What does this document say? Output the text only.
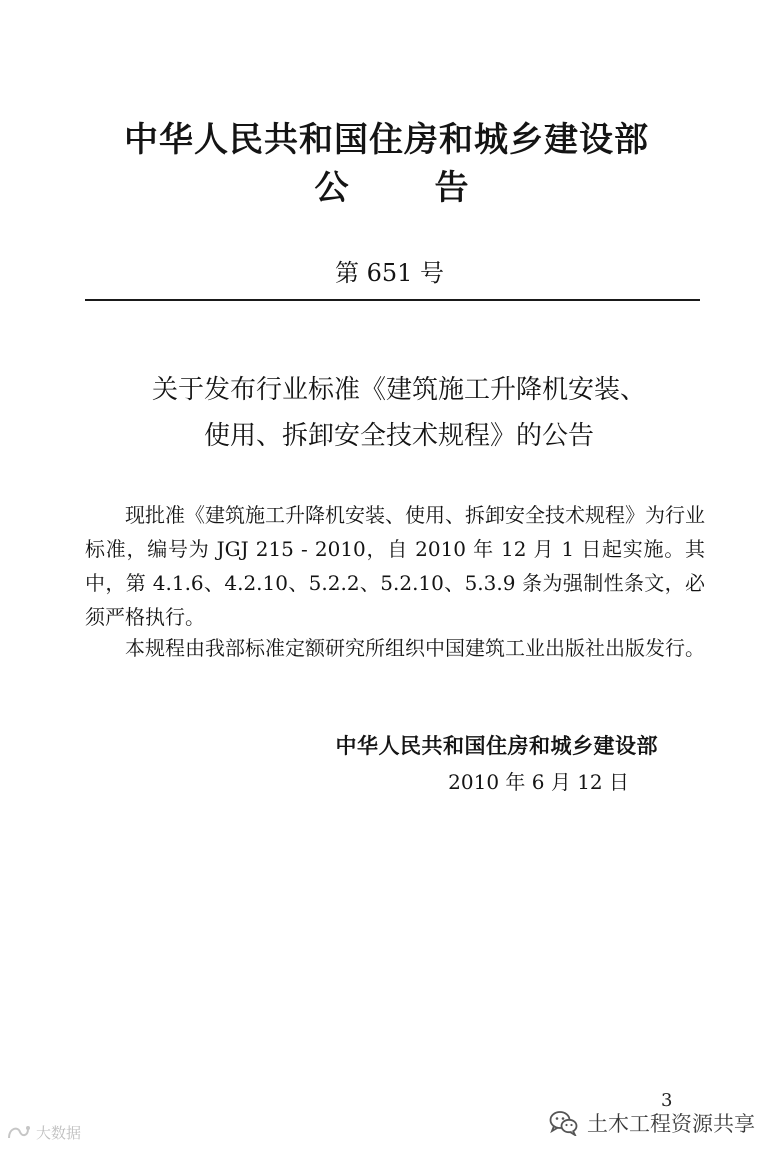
中华人民共和国住房和城乡建设部
公告
第 651 号
关于发布行业标准《建筑施工升降机安装、
使用、拆卸安全技术规程》的公告
现批准《建筑施工升降机安装、使用、拆卸安全技术规程》为行业标准，编号为 JGJ 215 - 2010，自 2010 年 12 月 1 日起实施。其中，第 4.1.6、4.2.10、5.2.2、5.2.10、5.3.9 条为强制性条文，必须严格执行。
本规程由我部标准定额研究所组织中国建筑工业出版社出版发行。
中华人民共和国住房和城乡建设部
2010 年 6 月 12 日
3
大数据	土木工程资源共享
